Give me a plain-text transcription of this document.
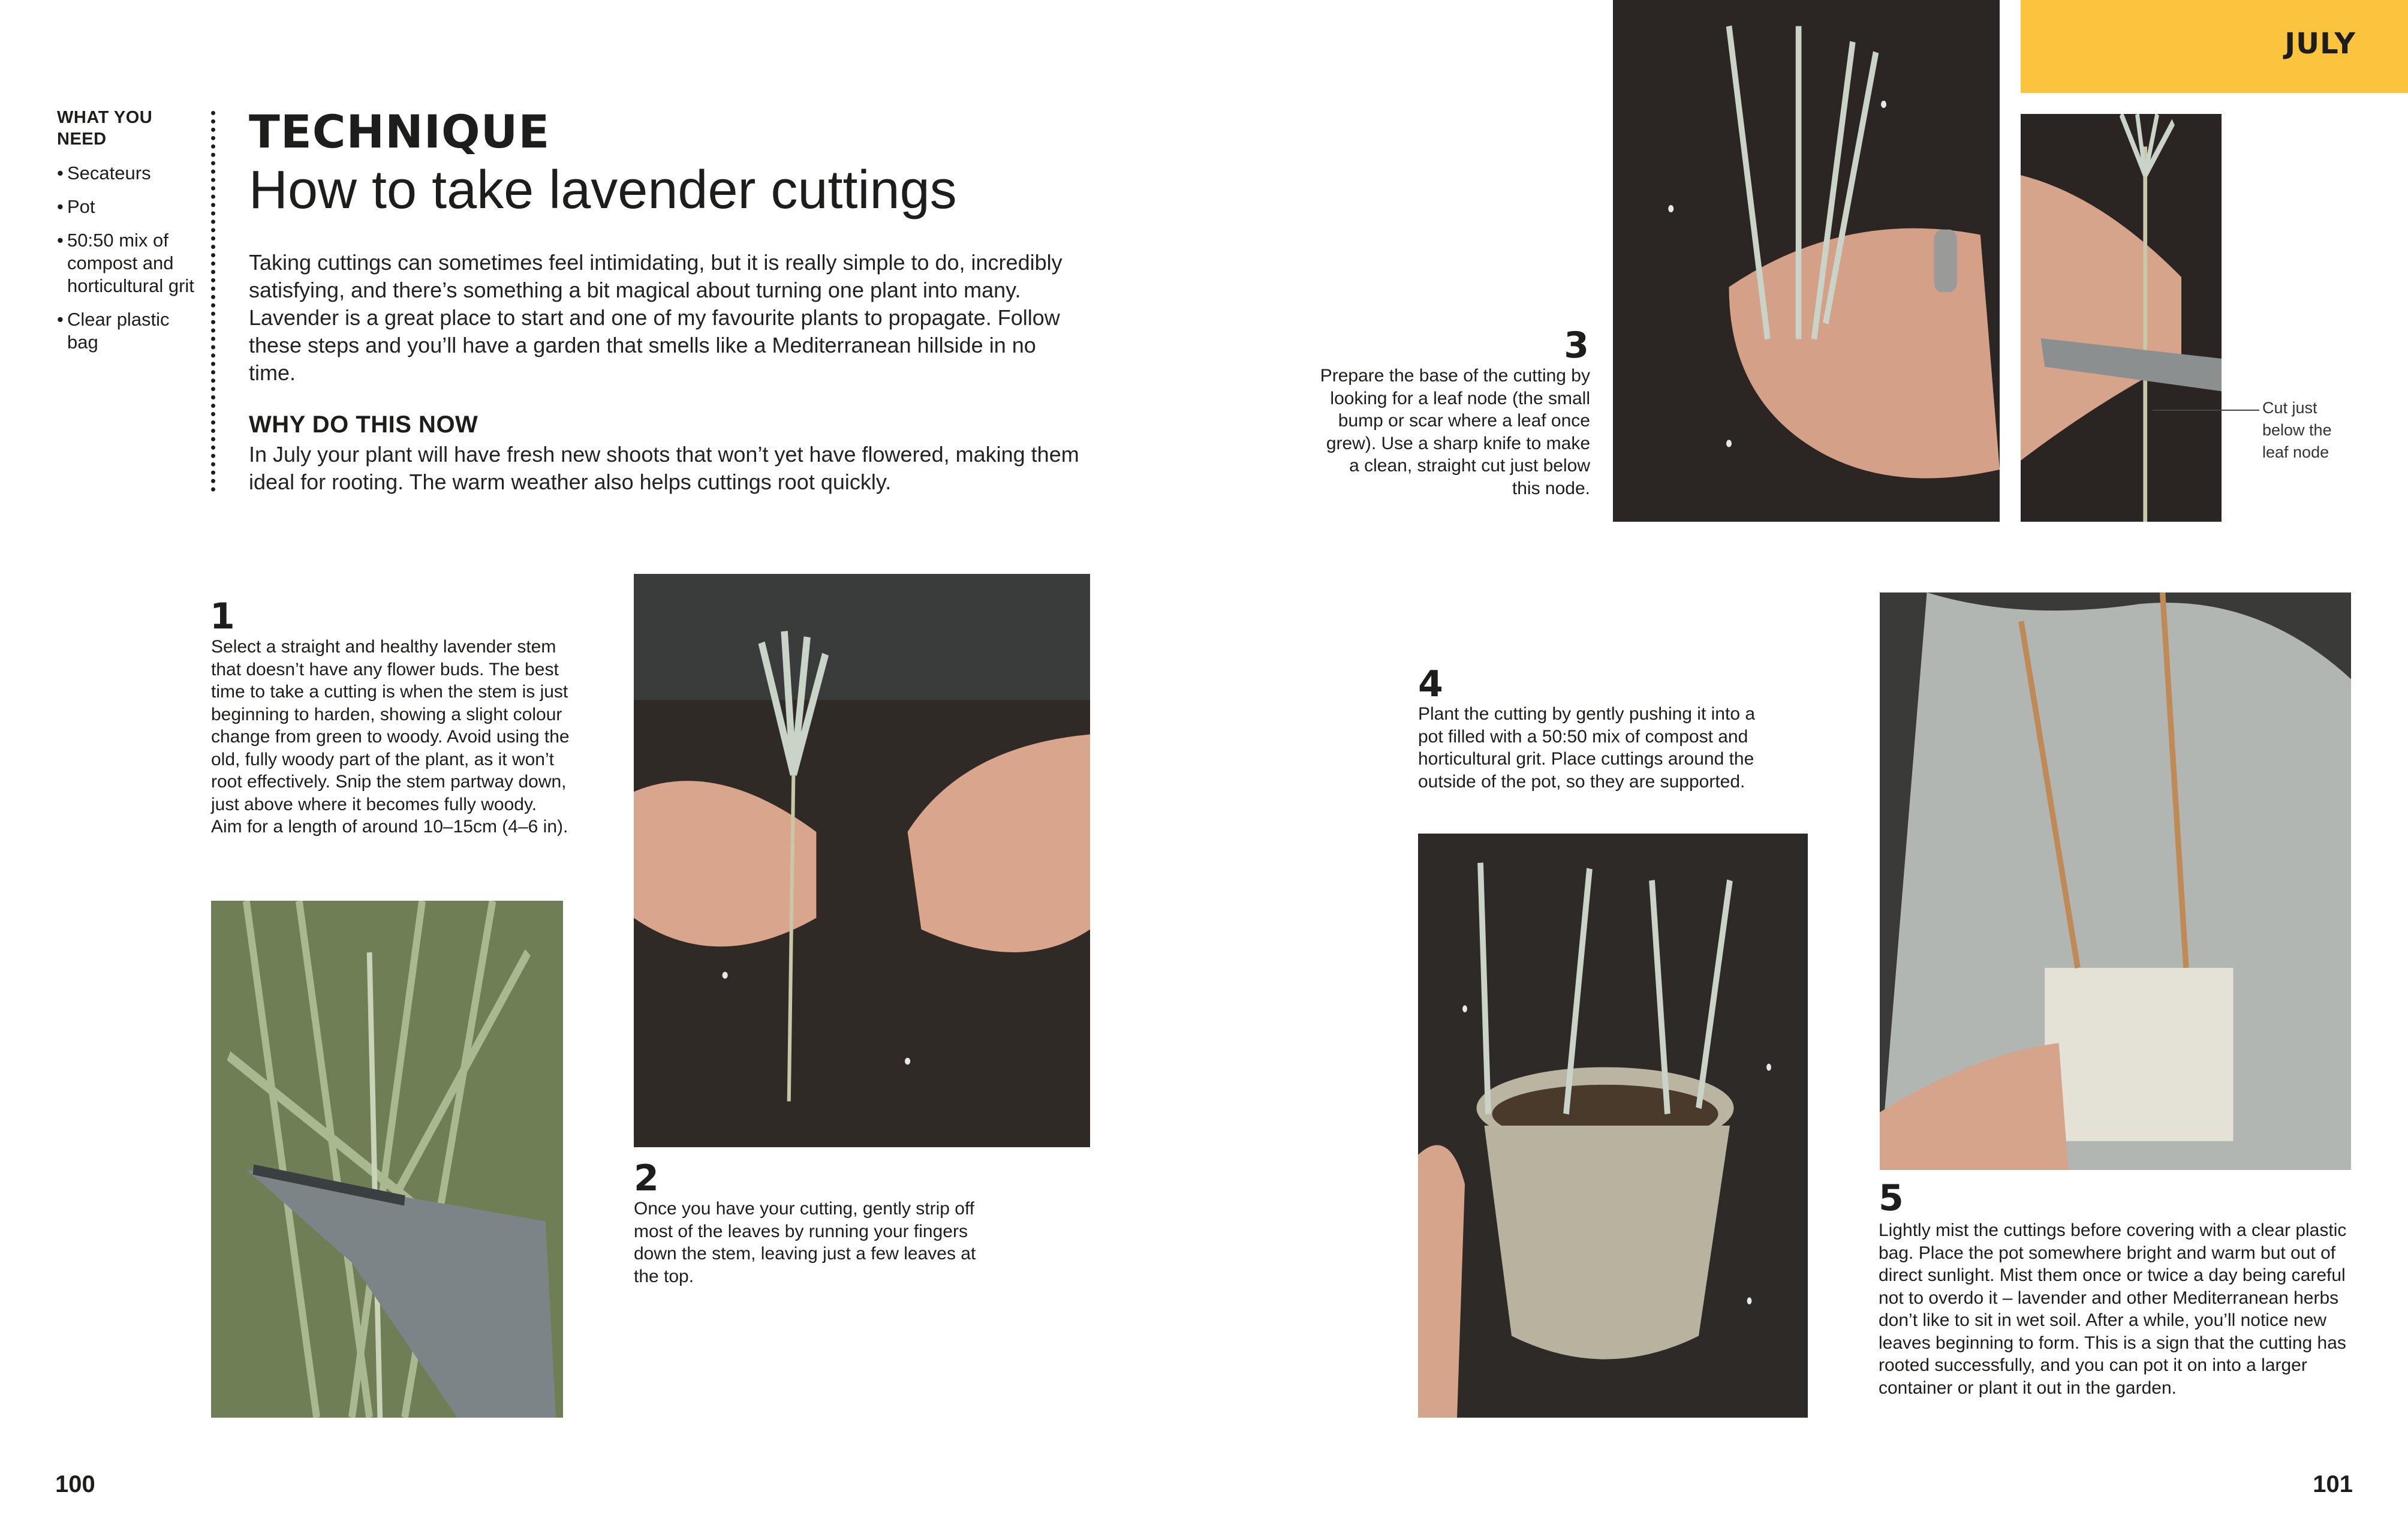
WHAT YOU NEED
• Secateurs
• Pot
• 50:50 mix of compost and horticultural grit
• Clear plastic bag
TECHNIQUE
How to take lavender cuttings
Taking cuttings can sometimes feel intimidating, but it is really simple to do, incredibly satisfying, and there’s something a bit magical about turning one plant into many. Lavender is a great place to start and one of my favourite plants to propagate. Follow these steps and you’ll have a garden that smells like a Mediterranean hillside in no time.
WHY DO THIS NOW
In July your plant will have fresh new shoots that won’t yet have flowered, making them ideal for rooting. The warm weather also helps cuttings root quickly.
1
Select a straight and healthy lavender stem that doesn’t have any flower buds. The best time to take a cutting is when the stem is just beginning to harden, showing a slight colour change from green to woody. Avoid using the old, fully woody part of the plant, as it won’t root effectively. Snip the stem partway down, just above where it becomes fully woody. Aim for a length of around 10–15cm (4–6 in).
2
Once you have your cutting, gently strip off most of the leaves by running your fingers down the stem, leaving just a few leaves at the top.
JULY
3
Prepare the base of the cutting by looking for a leaf node (the small bump or scar where a leaf once grew). Use a sharp knife to make a clean, straight cut just below this node.
Cut just below the leaf node
4
Plant the cutting by gently pushing it into a pot filled with a 50:50 mix of compost and horticultural grit. Place cuttings around the outside of the pot, so they are supported.
5
Lightly mist the cuttings before covering with a clear plastic bag. Place the pot somewhere bright and warm but out of direct sunlight. Mist them once or twice a day being careful not to overdo it – lavender and other Mediterranean herbs don’t like to sit in wet soil. After a while, you’ll notice new leaves beginning to form. This is a sign that the cutting has rooted successfully, and you can pot it on into a larger container or plant it out in the garden.
100	101
